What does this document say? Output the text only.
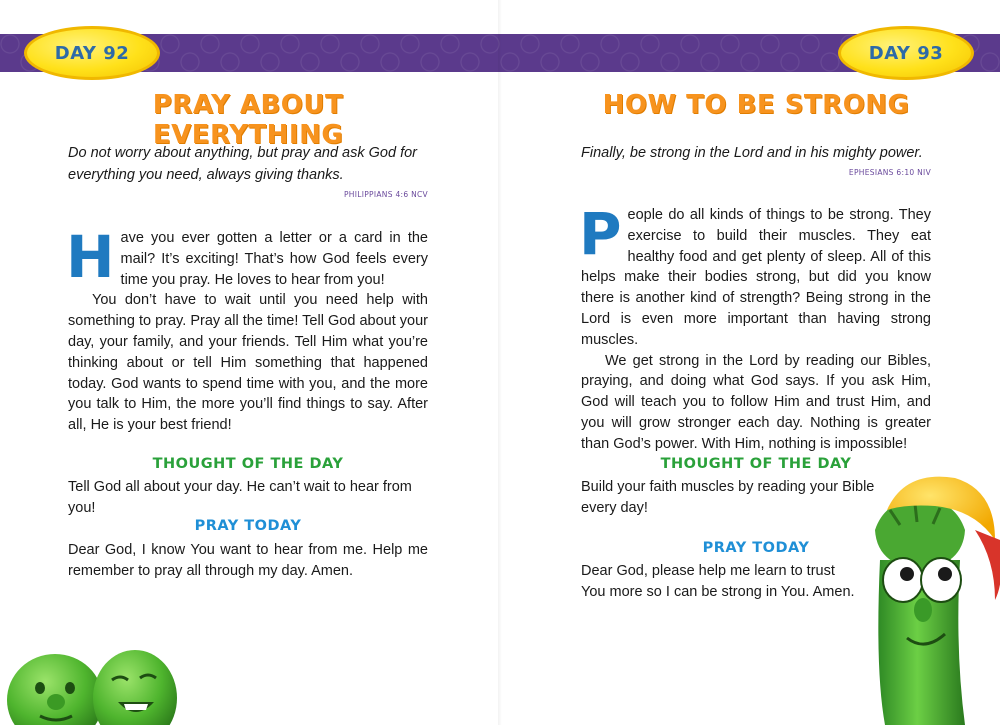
DAY 92	DAY 93
PRAY ABOUT EVERYTHING

Do not worry about anything, but pray and ask God for everything you need, always giving thanks.

PHILIPPIANS 4:6 NCV

H ave you ever gotten a letter or a card in the mail? It’s exciting! That’s how God feels every time you pray. He loves to hear from you!

You don’t have to wait until you need help with something to pray. Pray all the time! Tell God about your day, your family, and your friends. Tell Him what you’re thinking about or tell Him something that happened today. God wants to spend time with you, and the more you talk to Him, the more you’ll find things to say. After all, He is your best friend!

THOUGHT OF THE DAY
Tell God all about your day. He can’t wait to hear from you!
PRAY TODAY
Dear God, I know You want to hear from me. Help me remember to pray all through my day. Amen.
HOW TO BE STRONG

Finally, be strong in the Lord and in his mighty power.

EPHESIANS 6:10 NIV

P eople do all kinds of things to be strong. They exercise to build their muscles. They eat healthy food and get plenty of sleep. All of this helps make their bodies strong, but did you know there is another kind of strength? Being strong in the Lord is even more important than having strong muscles.

We get strong in the Lord by reading our Bibles, praying, and doing what God says. If you ask Him, God will teach you to follow Him and trust Him, and you will grow stronger each day. Nothing is greater than God’s power. With Him, nothing is impossible!

THOUGHT OF THE DAY
Build your faith muscles by reading your Bible every day!
PRAY TODAY
Dear God, please help me learn to trust You more so I can be strong in You. Amen.
